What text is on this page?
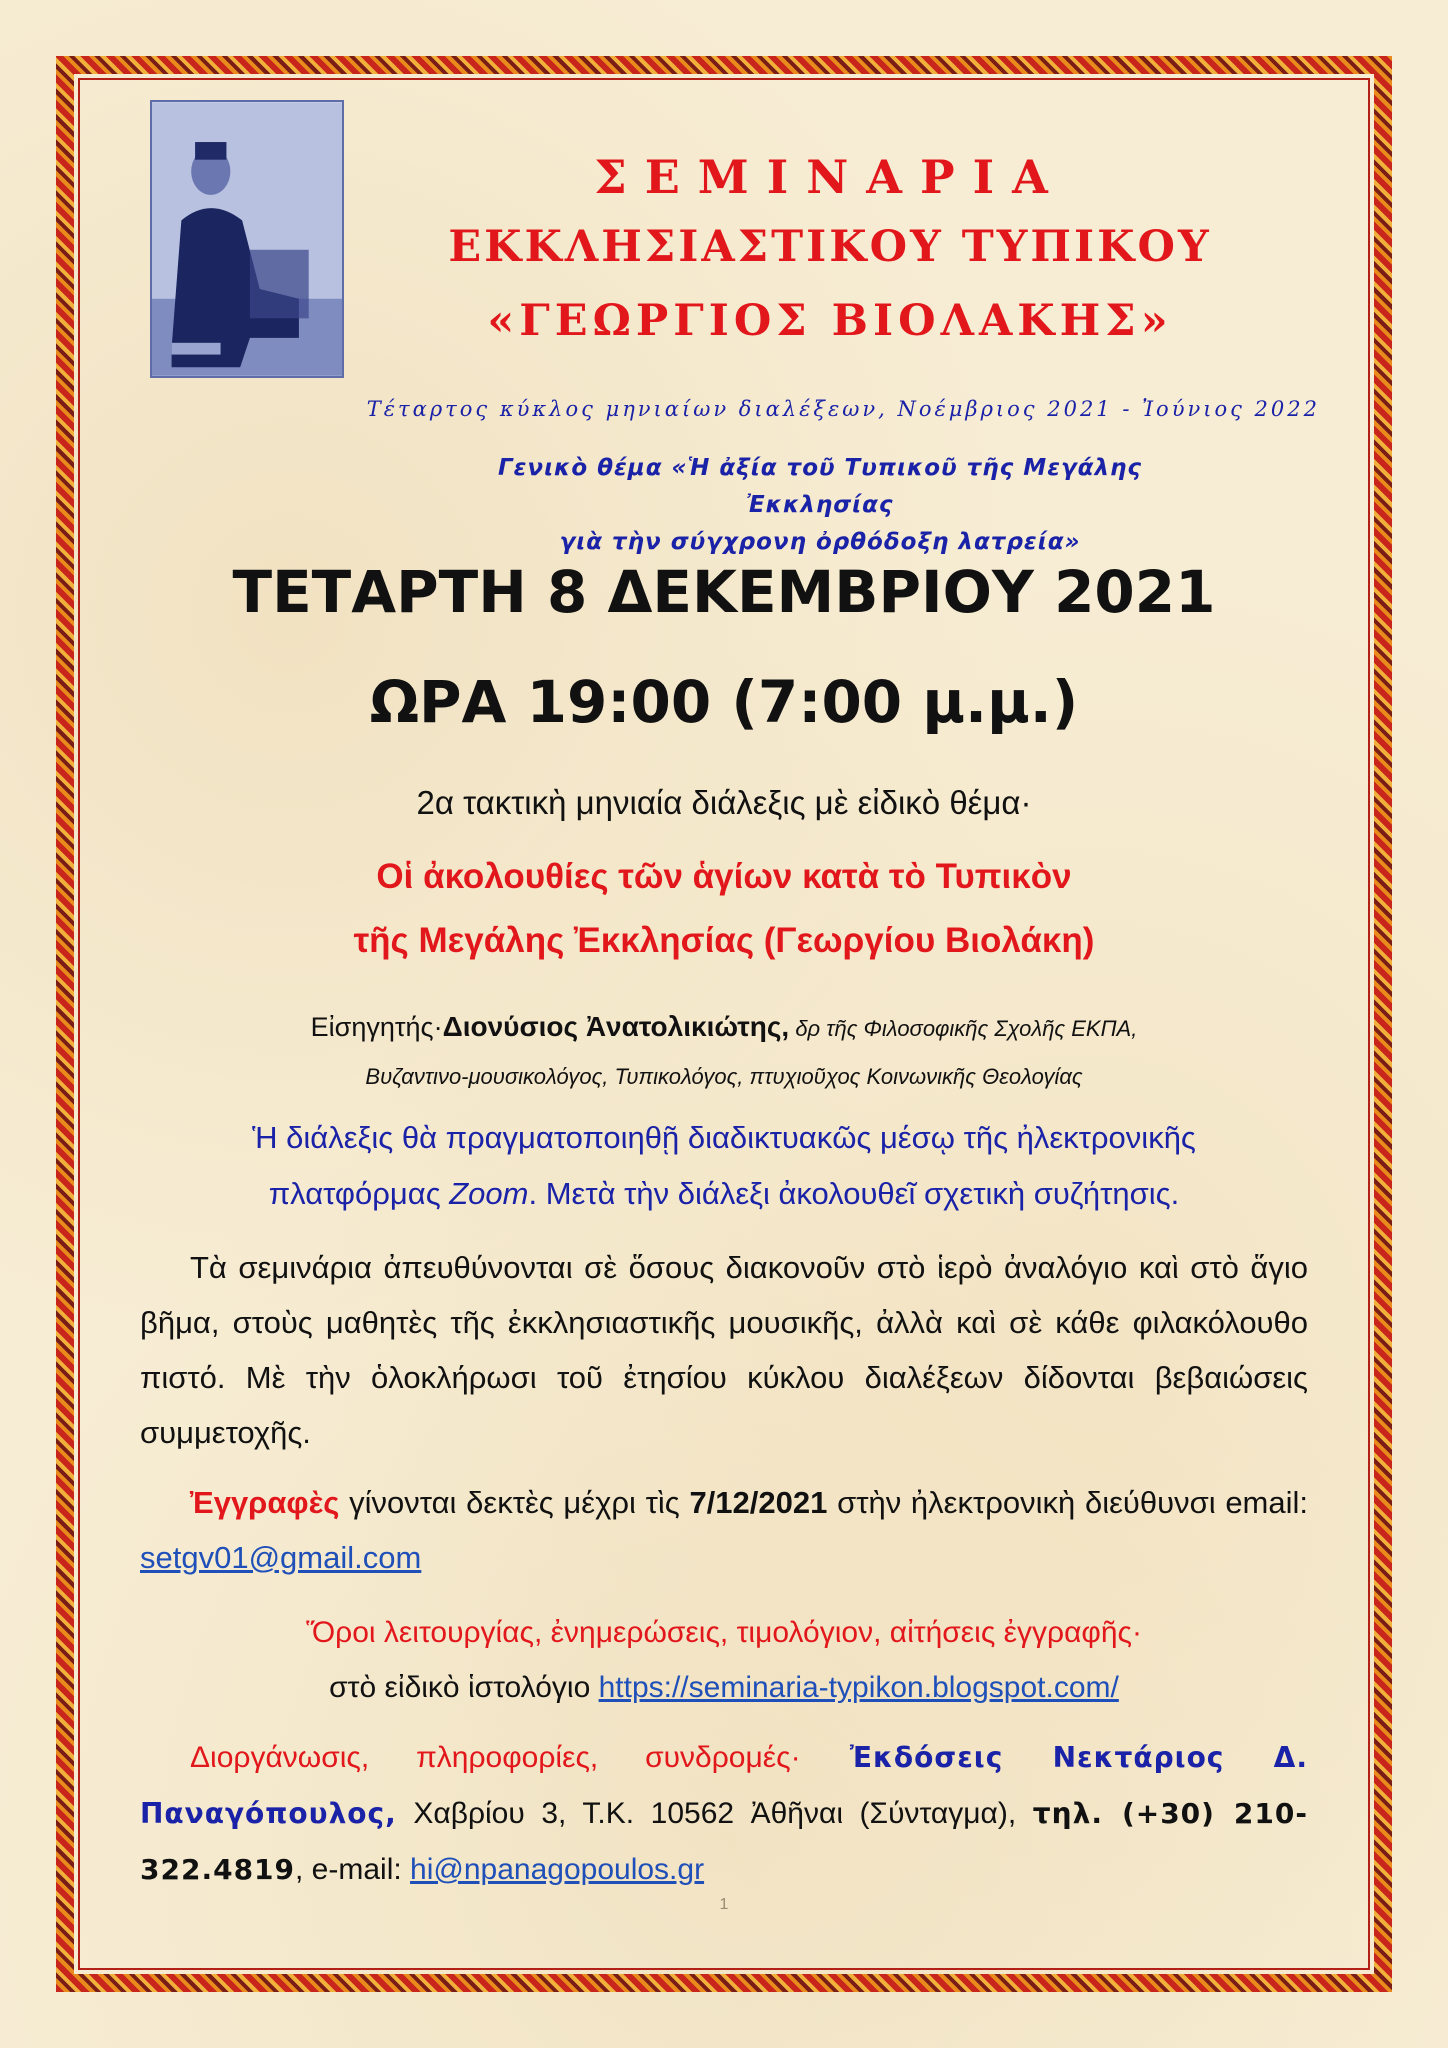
ΣΕΜΙΝΑΡΙΑ
ΕΚΚΛΗΣΙΑΣΤΙΚΟΥ ΤΥΠΙΚΟΥ
«ΓΕΩΡΓΙΟΣ ΒΙΟΛΑΚΗΣ»
Τέταρτος κύκλος μηνιαίων διαλέξεων, Νοέμβριος 2021 - Ἰούνιος 2022
Γενικὸ θέμα «Ἡ ἀξία τοῦ Τυπικοῦ τῆς Μεγάλης Ἐκκλησίας
γιὰ τὴν σύγχρονη ὀρθόδοξη λατρεία»
ΤΕΤΑΡΤΗ 8 ΔΕΚΕΜΒΡΙΟΥ 2021
ΩΡΑ 19:00 (7:00 μ.μ.)
2α τακτικὴ μηνιαία διάλεξις μὲ εἰδικὸ θέμα·
Οἱ ἀκολουθίες τῶν ἁγίων κατὰ τὸ Τυπικὸν
τῆς Μεγάλης Ἐκκλησίας (Γεωργίου Βιολάκη)
Εἰσηγητής·Διονύσιος Ἀνατολικιώτης, δρ τῆς Φιλοσοφικῆς Σχολῆς ΕΚΠΑ,
Βυζαντινο-μουσικολόγος, Τυπικολόγος, πτυχιοῦχος Κοινωνικῆς Θεολογίας
Ἡ διάλεξις θὰ πραγματοποιηθῇ διαδικτυακῶς μέσῳ τῆς ἠλεκτρονικῆς
πλατφόρμας Zoom. Μετὰ τὴν διάλεξι ἀκολουθεῖ σχετικὴ συζήτησις.
Τὰ σεμινάρια ἀπευθύνονται σὲ ὅσους διακονοῦν στὸ ἱερὸ ἀναλόγιο καὶ στὸ ἅγιο βῆμα, στοὺς μαθητὲς τῆς ἐκκλησιαστικῆς μουσικῆς, ἀλλὰ καὶ σὲ κάθε φιλακόλουθο πιστό. Μὲ τὴν ὁλοκλήρωσι τοῦ ἐτησίου κύκλου διαλέξεων δίδονται βεβαιώσεις συμμετοχῆς.
Ἐγγραφὲς γίνονται δεκτὲς μέχρι τὶς 7/12/2021 στὴν ἠλεκτρονικὴ διεύθυνσι email: setgv01@gmail.com
Ὅροι λειτουργίας, ἐνημερώσεις, τιμολόγιον, αἰτήσεις ἐγγραφῆς·
στὸ εἰδικὸ ἱστολόγιο https://seminaria-typikon.blogspot.com/
Διοργάνωσις, πληροφορίες, συνδρομές· Ἐκδόσεις Νεκτάριος Δ. Παναγόπουλος, Χαβρίου 3, Τ.Κ. 10562 Ἀθῆναι (Σύνταγμα), τηλ. (+30) 210-322.4819, e-mail: hi@npanagopoulos.gr
1
